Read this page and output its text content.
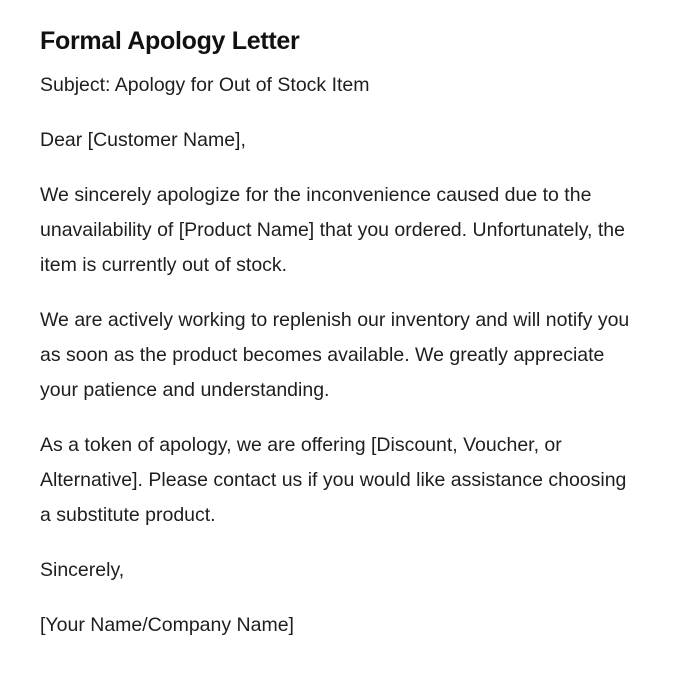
Formal Apology Letter

Subject: Apology for Out of Stock Item

Dear [Customer Name],

We sincerely apologize for the inconvenience caused due to the unavailability of [Product Name] that you ordered. Unfortunately, the item is currently out of stock.

We are actively working to replenish our inventory and will notify you as soon as the product becomes available. We greatly appreciate your patience and understanding.

As a token of apology, we are offering [Discount, Voucher, or Alternative]. Please contact us if you would like assistance choosing a substitute product.

Sincerely,

[Your Name/Company Name]
